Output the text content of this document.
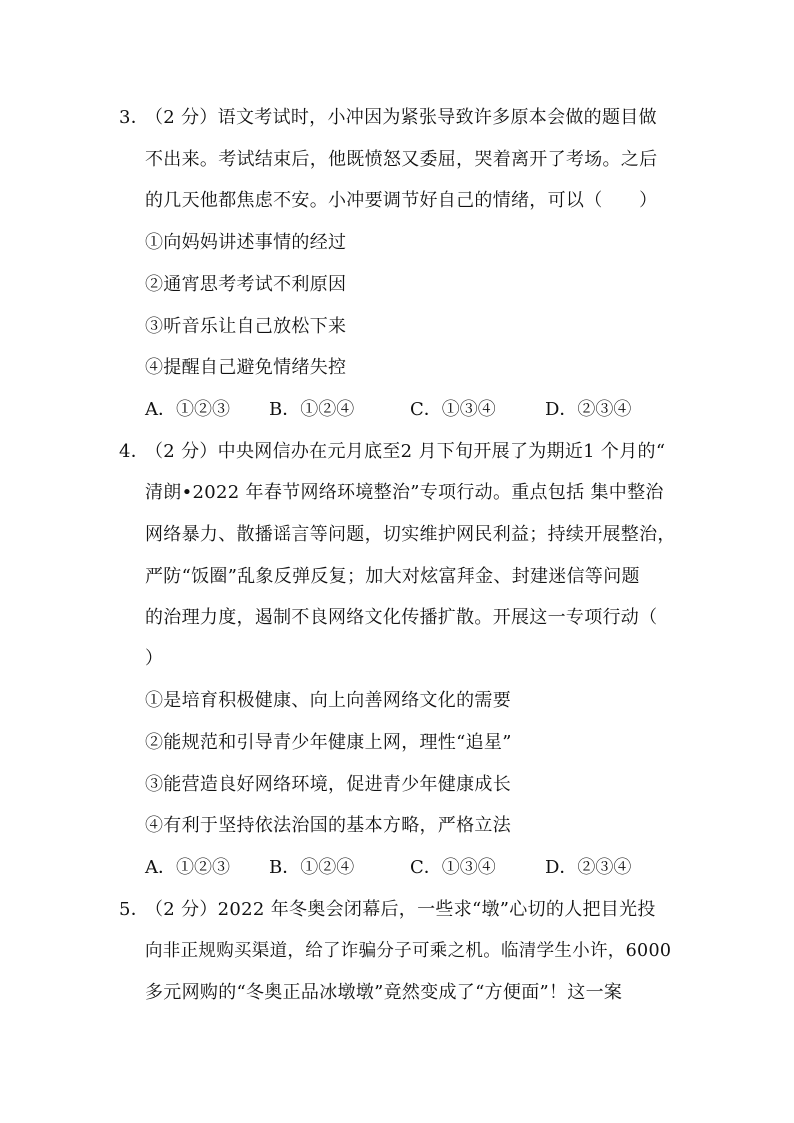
3．（2 分）语文考试时，小冲因为紧张导致许多原本会做的题目做
不出来。考试结束后，他既愤怒又委屈，哭着离开了考场。之后
的几天他都焦虑不安。小冲要调节好自己的情绪，可以（　　）
①向妈妈讲述事情的经过
②通宵思考考试不利原因
③听音乐让自己放松下来
④提醒自己避免情绪失控
A．①②③ B．①②④	C．①③④	D．②③④
4．（2 分）中央网信办在元月底至2 月下旬开展了为期近1 个月的“
清朗•2022 年春节网络环境整治”专项行动。重点包括 集中整治
网络暴力、散播谣言等问题，切实维护网民利益；持续开展整治，
严防“饭圈”乱象反弹反复；加大对炫富拜金、封建迷信等问题
的治理力度，遏制不良网络文化传播扩散。开展这一专项行动（
）
①是培育积极健康、向上向善网络文化的需要
②能规范和引导青少年健康上网，理性“追星”
③能营造良好网络环境，促进青少年健康成长
④有利于坚持依法治国的基本方略，严格立法
A．①②③ B．①②④	C．①③④	D．②③④
5．（2 分）2022 年冬奥会闭幕后，一些求“墩”心切的人把目光投
向非正规购买渠道，给了诈骗分子可乘之机。临清学生小许，6000
多元网购的“冬奥正品冰墩墩”竟然变成了“方便面”！这一案
